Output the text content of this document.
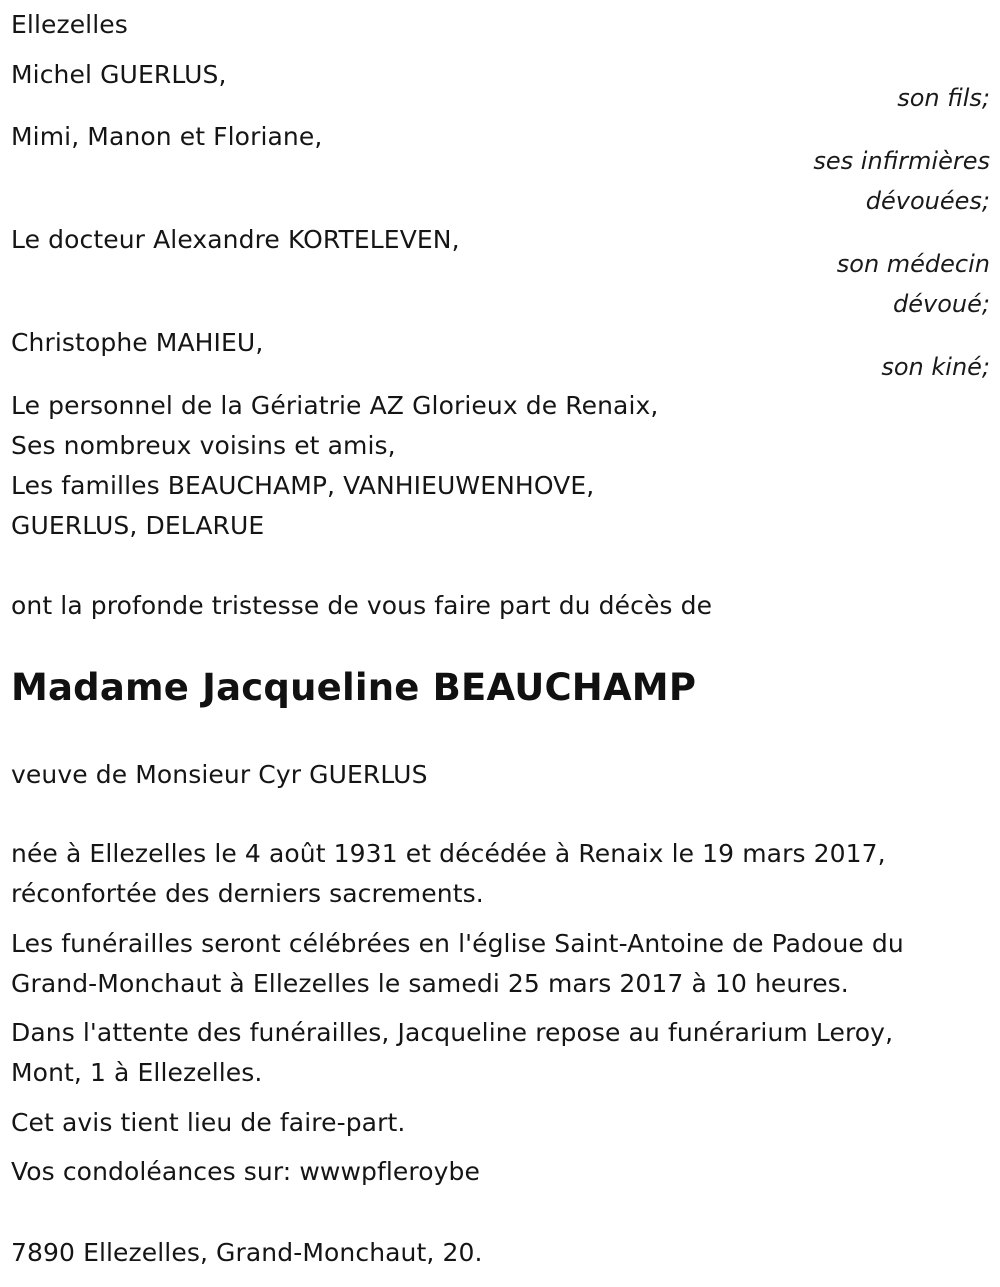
Ellezelles
Michel GUERLUS,
son fils;
Mimi, Manon et Floriane,
ses infirmières
dévouées;
Le docteur Alexandre KORTELEVEN,
son médecin
dévoué;
Christophe MAHIEU,
son kiné;
Le personnel de la Gériatrie AZ Glorieux de Renaix,
Ses nombreux voisins et amis,
Les familles BEAUCHAMP, VANHIEUWENHOVE,
GUERLUS, DELARUE
ont la profonde tristesse de vous faire part du décès de
Madame Jacqueline BEAUCHAMP
veuve de Monsieur Cyr GUERLUS
née à Ellezelles le 4 août 1931 et décédée à Renaix le 19 mars 2017,
réconfortée des derniers sacrements.
Les funérailles seront célébrées en l'église Saint-Antoine de Padoue du
Grand-Monchaut à Ellezelles le samedi 25 mars 2017 à 10 heures.
Dans l'attente des funérailles, Jacqueline repose au funérarium Leroy,
Mont, 1 à Ellezelles.
Cet avis tient lieu de faire-part.
Vos condoléances sur: wwwpfleroybe
7890 Ellezelles, Grand-Monchaut, 20.
